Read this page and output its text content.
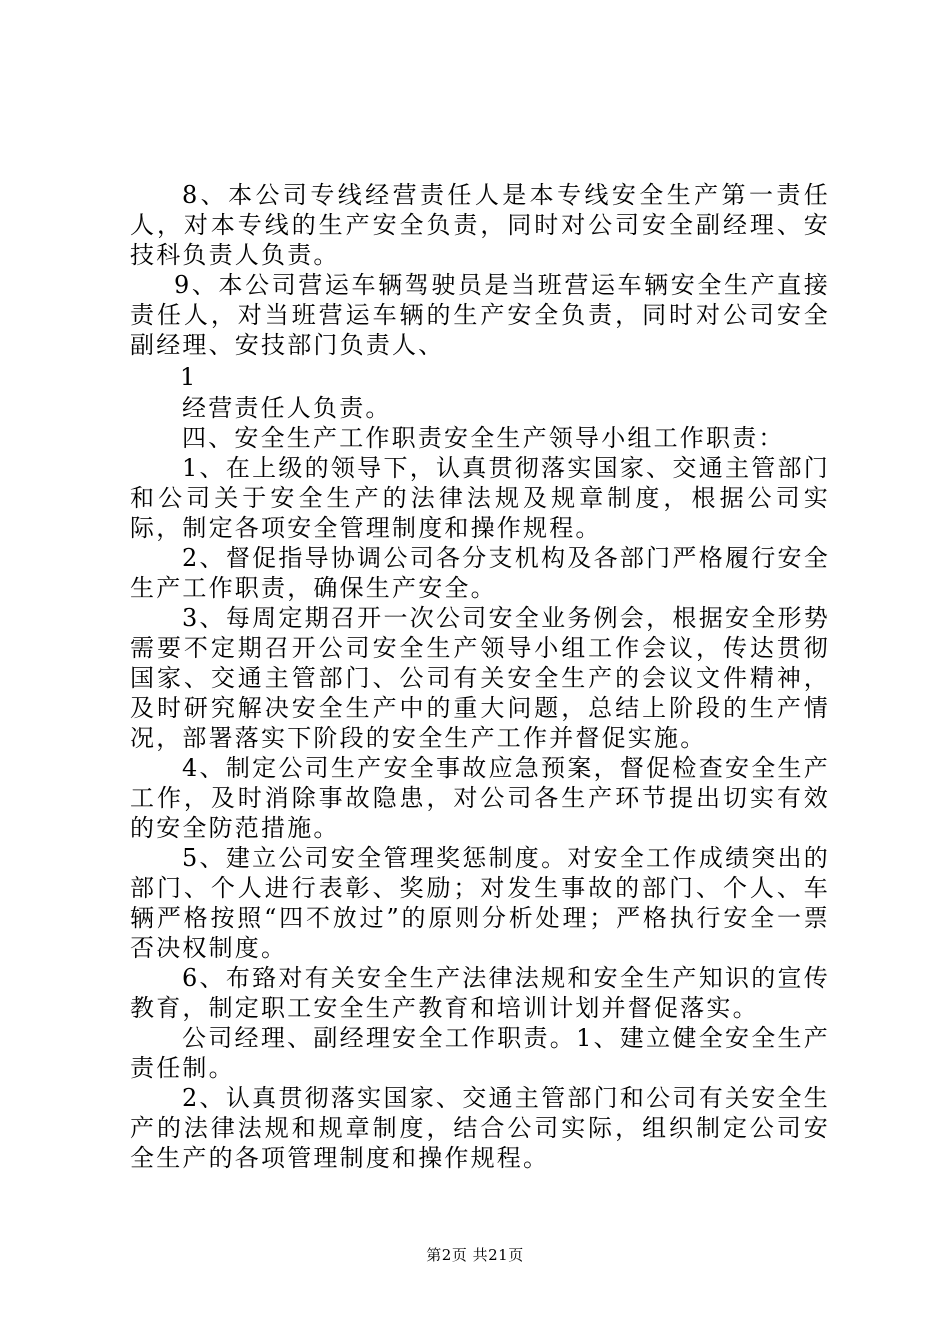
8、本公司专线经营责任人是本专线安全生产第一责任人，对本专线的生产安全负责，同时对公司安全副经理、安技科负责人负责。

9、本公司营运车辆驾驶员是当班营运车辆安全生产直接责任人，对当班营运车辆的生产安全负责，同时对公司安全副经理、安技部门负责人、

1

经营责任人负责。

四、安全生产工作职责安全生产领导小组工作职责：

1、在上级的领导下，认真贯彻落实国家、交通主管部门和公司关于安全生产的法律法规及规章制度，根据公司实际，制定各项安全管理制度和操作规程。

2、督促指导协调公司各分支机构及各部门严格履行安全生产工作职责，确保生产安全。

3、每周定期召开一次公司安全业务例会，根据安全形势需要不定期召开公司安全生产领导小组工作会议，传达贯彻国家、交通主管部门、公司有关安全生产的会议文件精神，及时研究解决安全生产中的重大问题，总结上阶段的生产情况，部署落实下阶段的安全生产工作并督促实施。

4、制定公司生产安全事故应急预案，督促检查安全生产工作，及时消除事故隐患，对公司各生产环节提出切实有效的安全防范措施。

5、建立公司安全管理奖惩制度。对安全工作成绩突出的部门、个人进行表彰、奖励；对发生事故的部门、个人、车辆严格按照“四不放过”的原则分析处理；严格执行安全一票否决权制度。

6、布臵对有关安全生产法律法规和安全生产知识的宣传教育，制定职工安全生产教育和培训计划并督促落实。

公司经理、副经理安全工作职责。1、建立健全安全生产责任制。

2、认真贯彻落实国家、交通主管部门和公司有关安全生产的法律法规和规章制度，结合公司实际，组织制定公司安全生产的各项管理制度和操作规程。

第2页 共21页
